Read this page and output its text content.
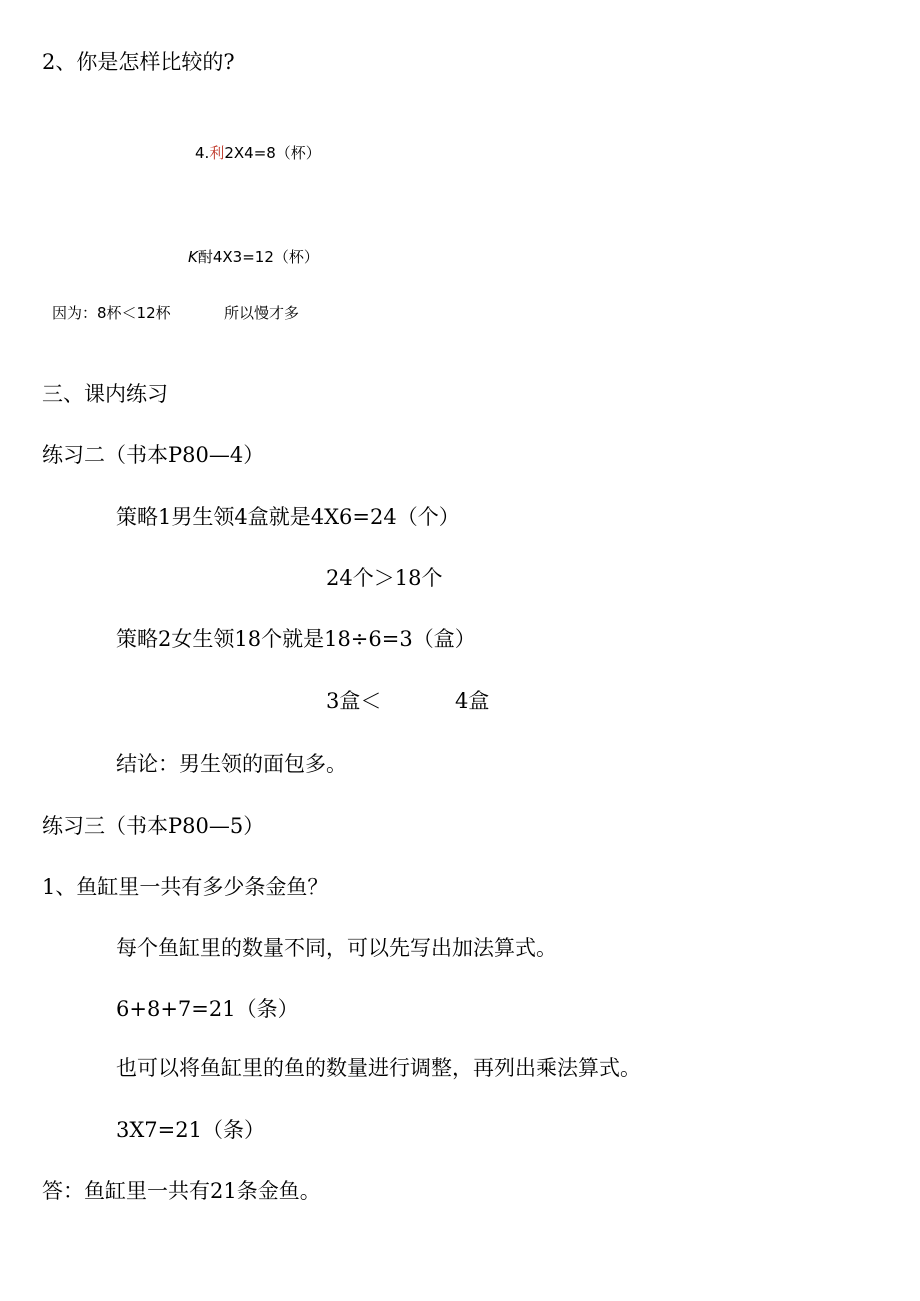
2、你是怎样比较的?
4.利2X4=8（杯）
K酎4X3=12（杯）
因为：8杯＜12杯	所以慢才多
三、课内练习
练习二（书本P80—4）
策略1男生领4盒就是4X6=24（个）
24个＞18个
策略2女生领18个就是18÷6=3（盒）
3盒＜	4盒
结论：男生领的面包多。
练习三（书本P80—5）
1、鱼缸里一共有多少条金鱼？
每个鱼缸里的数量不同，可以先写出加法算式。
6+8+7=21（条）
也可以将鱼缸里的鱼的数量进行调整，再列出乘法算式。
3X7=21（条）
答：鱼缸里一共有21条金鱼。
